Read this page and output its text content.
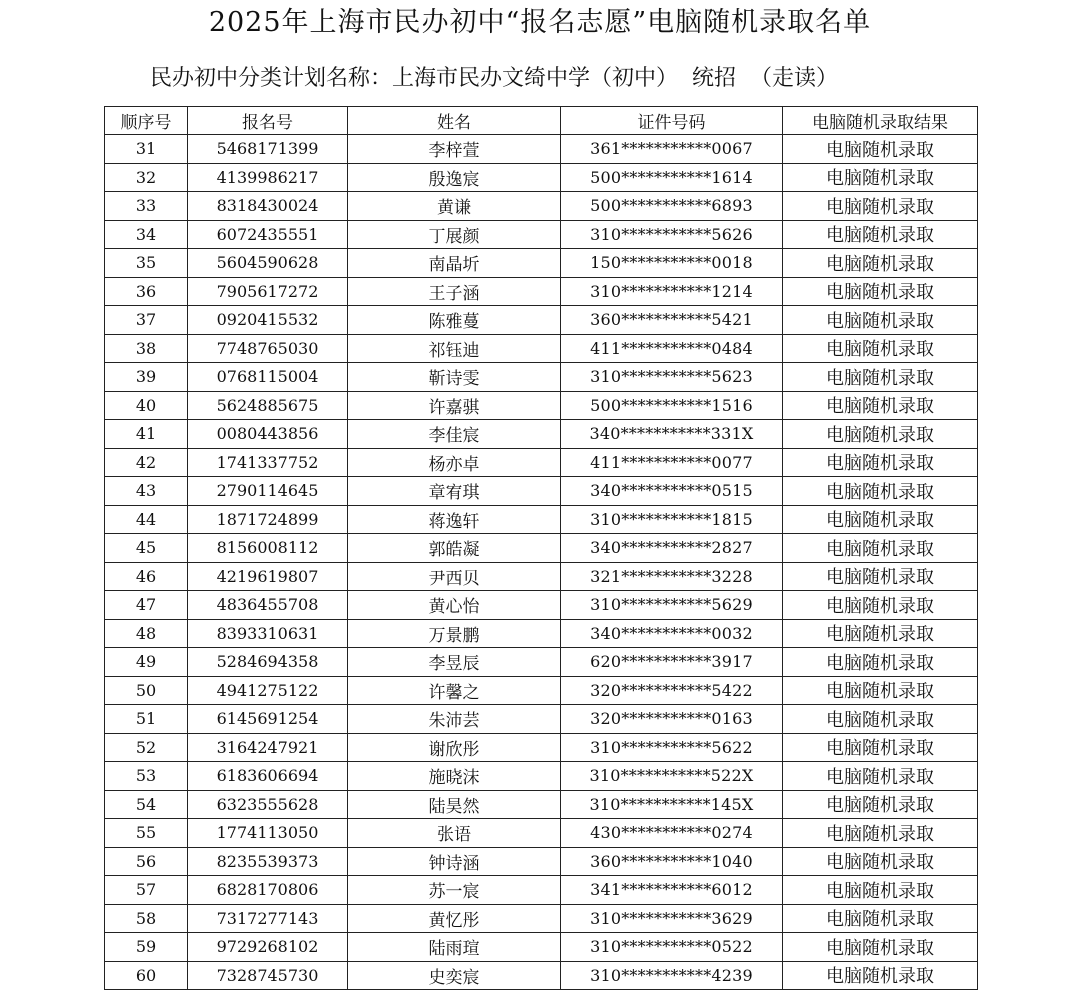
2025年上海市民办初中“报名志愿”电脑随机录取名单
民办初中分类计划名称：上海市民办文绮中学（初中）  统招  （走读）
顺序号	报名号	姓名	证件号码	电脑随机录取结果
31	5468171399	李梓萱	361***********0067	电脑随机录取
32	4139986217	殷逸宸	500***********1614	电脑随机录取
33	8318430024	黄谦	500***********6893	电脑随机录取
34	6072435551	丁展颜	310***********5626	电脑随机录取
35	5604590628	南晶圻	150***********0018	电脑随机录取
36	7905617272	王子涵	310***********1214	电脑随机录取
37	0920415532	陈雅蔓	360***********5421	电脑随机录取
38	7748765030	祁钰迪	411***********0484	电脑随机录取
39	0768115004	靳诗雯	310***********5623	电脑随机录取
40	5624885675	许嘉骐	500***********1516	电脑随机录取
41	0080443856	李佳宸	340***********331X	电脑随机录取
42	1741337752	杨亦卓	411***********0077	电脑随机录取
43	2790114645	章宥琪	340***********0515	电脑随机录取
44	1871724899	蒋逸轩	310***********1815	电脑随机录取
45	8156008112	郭皓凝	340***********2827	电脑随机录取
46	4219619807	尹西贝	321***********3228	电脑随机录取
47	4836455708	黄心怡	310***********5629	电脑随机录取
48	8393310631	万景鹏	340***********0032	电脑随机录取
49	5284694358	李昱辰	620***********3917	电脑随机录取
50	4941275122	许馨之	320***********5422	电脑随机录取
51	6145691254	朱沛芸	320***********0163	电脑随机录取
52	3164247921	谢欣彤	310***********5622	电脑随机录取
53	6183606694	施晓沫	310***********522X	电脑随机录取
54	6323555628	陆昊然	310***********145X	电脑随机录取
55	1774113050	张语	430***********0274	电脑随机录取
56	8235539373	钟诗涵	360***********1040	电脑随机录取
57	6828170806	苏一宸	341***********6012	电脑随机录取
58	7317277143	黄忆彤	310***********3629	电脑随机录取
59	9729268102	陆雨瑄	310***********0522	电脑随机录取
60	7328745730	史奕宸	310***********4239	电脑随机录取
